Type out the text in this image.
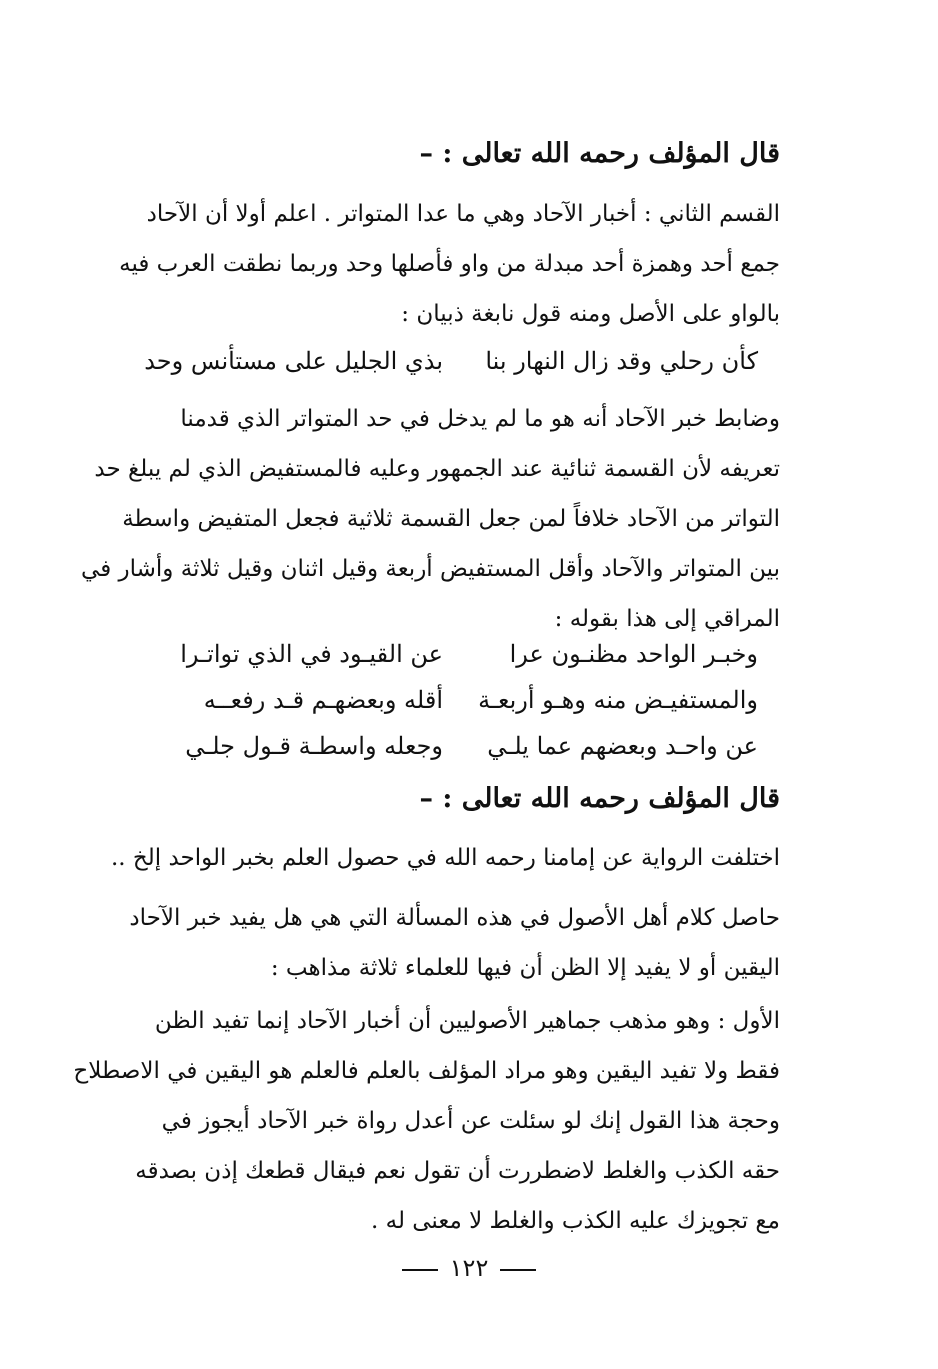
قال المؤلف رحمه الله تعالى : –
القسم الثاني : أخبار الآحاد وهي ما عدا المتواتر . اعلم أولا أن الآحاد
جمع أحد وهمزة أحد مبدلة من واو فأصلها وحد وربما نطقت العرب فيه
بالواو على الأصل ومنه قول نابغة ذبيان :
كأن رحلي وقد زال النهار بنا
بذي الجليل على مستأنس وحد
وضابط خبر الآحاد أنه هو ما لم يدخل في حد المتواتر الذي قدمنا
تعريفه لأن القسمة ثنائية عند الجمهور وعليه فالمستفيض الذي لم يبلغ حد
التواتر من الآحاد خلافاً لمن جعل القسمة ثلاثية فجعل المتفيض واسطة
بين المتواتر والآحاد وأقل المستفيض أربعة وقيل اثنان وقيل ثلاثة وأشار في
المراقي إلى هذا بقوله :
وخبـر الواحد مظنـون عرا
عن القيـود في الذي تواتـرا
والمستفيـض منه وهـو أربعـة
أقله وبعضهـم قـد رفعــه
عن واحـد وبعضهم عما يلـي
وجعله واسطـة قـول جلـي
قال المؤلف رحمه الله تعالى : –
اختلفت الرواية عن إمامنا رحمه الله في حصول العلم بخبر الواحد إلخ ..
حاصل كلام أهل الأصول في هذه المسألة التي هي هل يفيد خبر الآحاد
اليقين أو لا يفيد إلا الظن أن فيها للعلماء ثلاثة مذاهب :
الأول : وهو مذهب جماهير الأصوليين أن أخبار الآحاد إنما تفيد الظن
فقط ولا تفيد اليقين وهو مراد المؤلف بالعلم فالعلم هو اليقين في الاصطلاح
وحجة هذا القول إنك لو سئلت عن أعدل رواة خبر الآحاد أيجوز في
حقه الكذب والغلط لاضطررت أن تقول نعم فيقال قطعك إذن بصدقه
مع تجويزك عليه الكذب والغلط لا معنى له .
١٢٢
